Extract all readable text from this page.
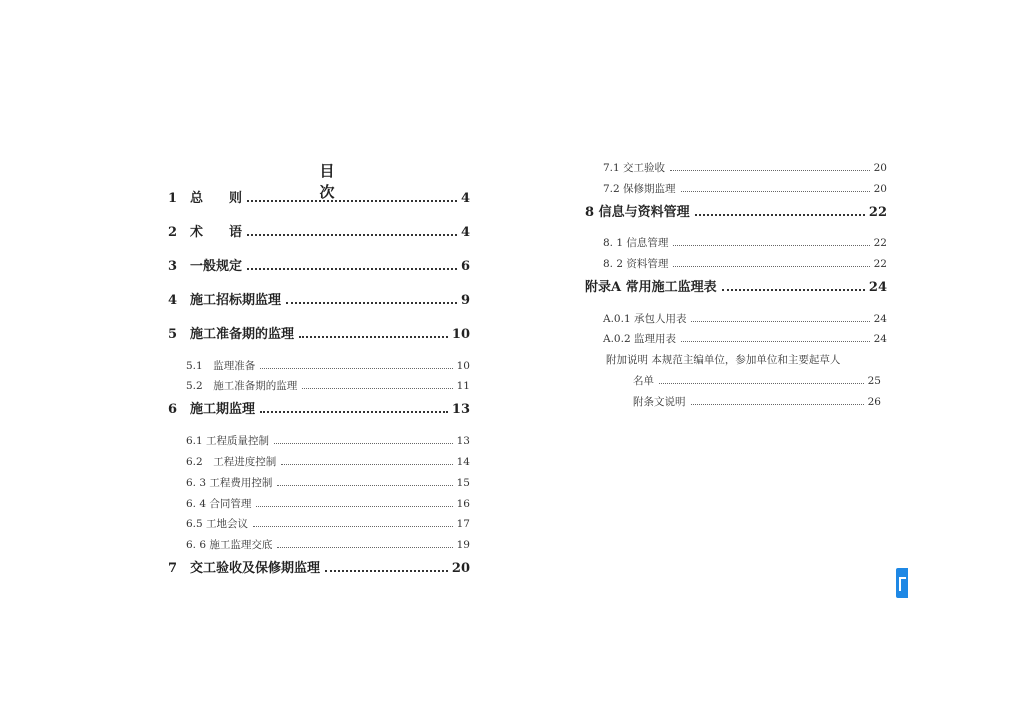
目　次
1　总　　则	4
2　术　　语	4
3　一般规定	6
4　施工招标期监理	9
5　施工准备期的监理	10
5.1　监理准备	10
5.2　施工准备期的监理	11
6　施工期监理	13
6.1 工程质量控制	13
6.2　工程进度控制	14
6. 3 工程费用控制	15
6. 4 合同管理	16
6.5 工地会议	17
6. 6 施工监理交底	19
7　交工验收及保修期监理	20
7.1 交工验收	20
7.2 保修期监理	20
8 信息与资料管理	22
8. 1 信息管理	22
8. 2 资料管理	22
附录A 常用施工监理表	24
A.0.1 承包人用表	24
A.0.2 监理用表	24
附加说明 本规范主编单位，参加单位和主要起草人
名单	25
附条文说明	26
